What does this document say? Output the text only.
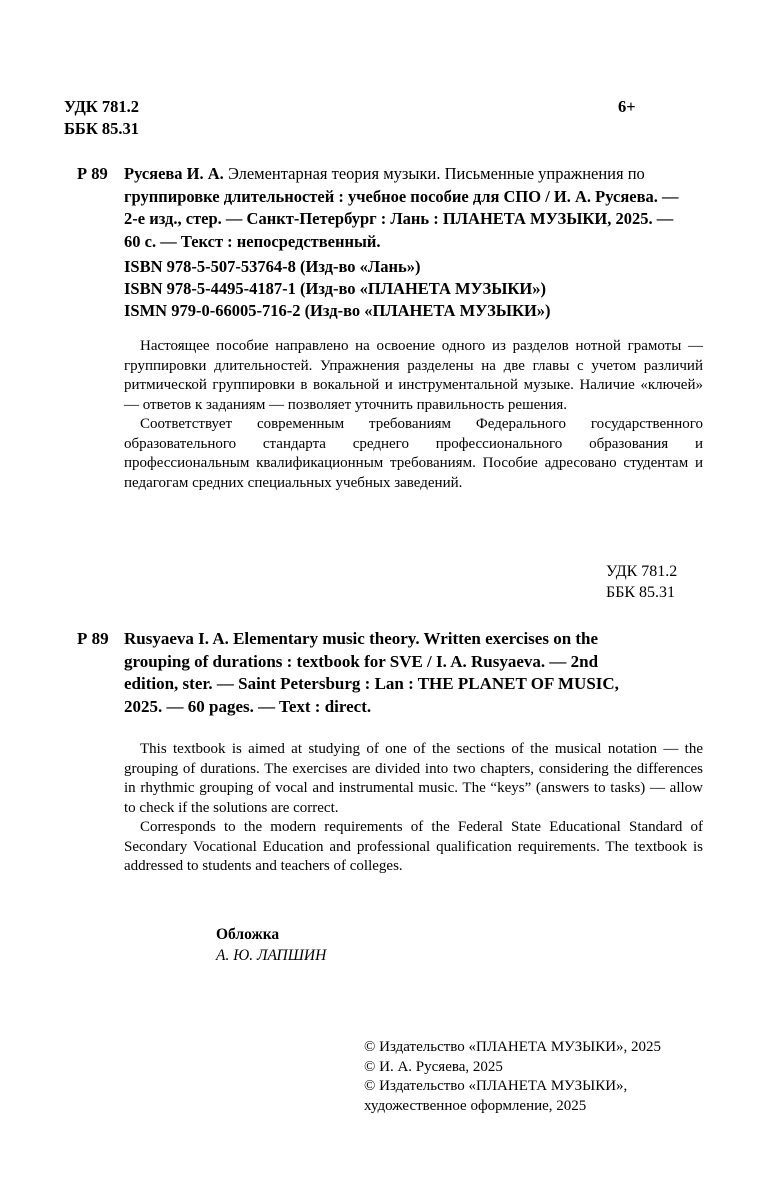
УДК 781.2
ББК 85.31
6+
Р 89 Русяева И. А. Элементарная теория музыки. Письменные упражнения по
группировке длительностей : учебное пособие для СПО / И. А. Русяева. —
2-е изд., стер. — Санкт-Петербург : Лань : ПЛАНЕТА МУЗЫКИ, 2025. —
60 с. — Текст : непосредственный.
ISBN 978-5-507-53764-8 (Изд-во «Лань»)
ISBN 978-5-4495-4187-1 (Изд-во «ПЛАНЕТА МУЗЫКИ»)
ISMN 979-0-66005-716-2 (Изд-во «ПЛАНЕТА МУЗЫКИ»)

Настоящее пособие направлено на освоение одного из разделов нотной грамоты — группировки длительностей. Упражнения разделены на две главы с учетом различий ритмической группировки в вокальной и инструментальной музыке. Наличие «ключей» — ответов к заданиям — позволяет уточнить правильность решения.

Соответствует современным требованиям Федерального государственного образовательного стандарта среднего профессионального образования и профессиональным квалификационным требованиям. Пособие адресовано студентам и педагогам средних специальных учебных заведений.

УДК 781.2
ББК 85.31
Р 89 Rusyaeva I. A. Elementary music theory. Written exercises on the
grouping of durations : textbook for SVE / I. A. Rusyaeva. — 2nd
edition, ster. — Saint Petersburg : Lan : THE PLANET OF MUSIC,
2025. — 60 pages. — Text : direct.

This textbook is aimed at studying of one of the sections of the musical notation — the grouping of durations. The exercises are divided into two chapters, considering the differences in rhythmic grouping of vocal and instrumental music. The “keys” (answers to tasks) — allow to check if the solutions are correct.

Corresponds to the modern requirements of the Federal State Educational Standard of Secondary Vocational Education and professional qualification requirements. The textbook is addressed to students and teachers of colleges.

Обложка
А. Ю. ЛАПШИН
© Издательство «ПЛАНЕТА МУЗЫКИ», 2025
© И. А. Русяева, 2025
© Издательство «ПЛАНЕТА МУЗЫКИ»,
художественное оформление, 2025
